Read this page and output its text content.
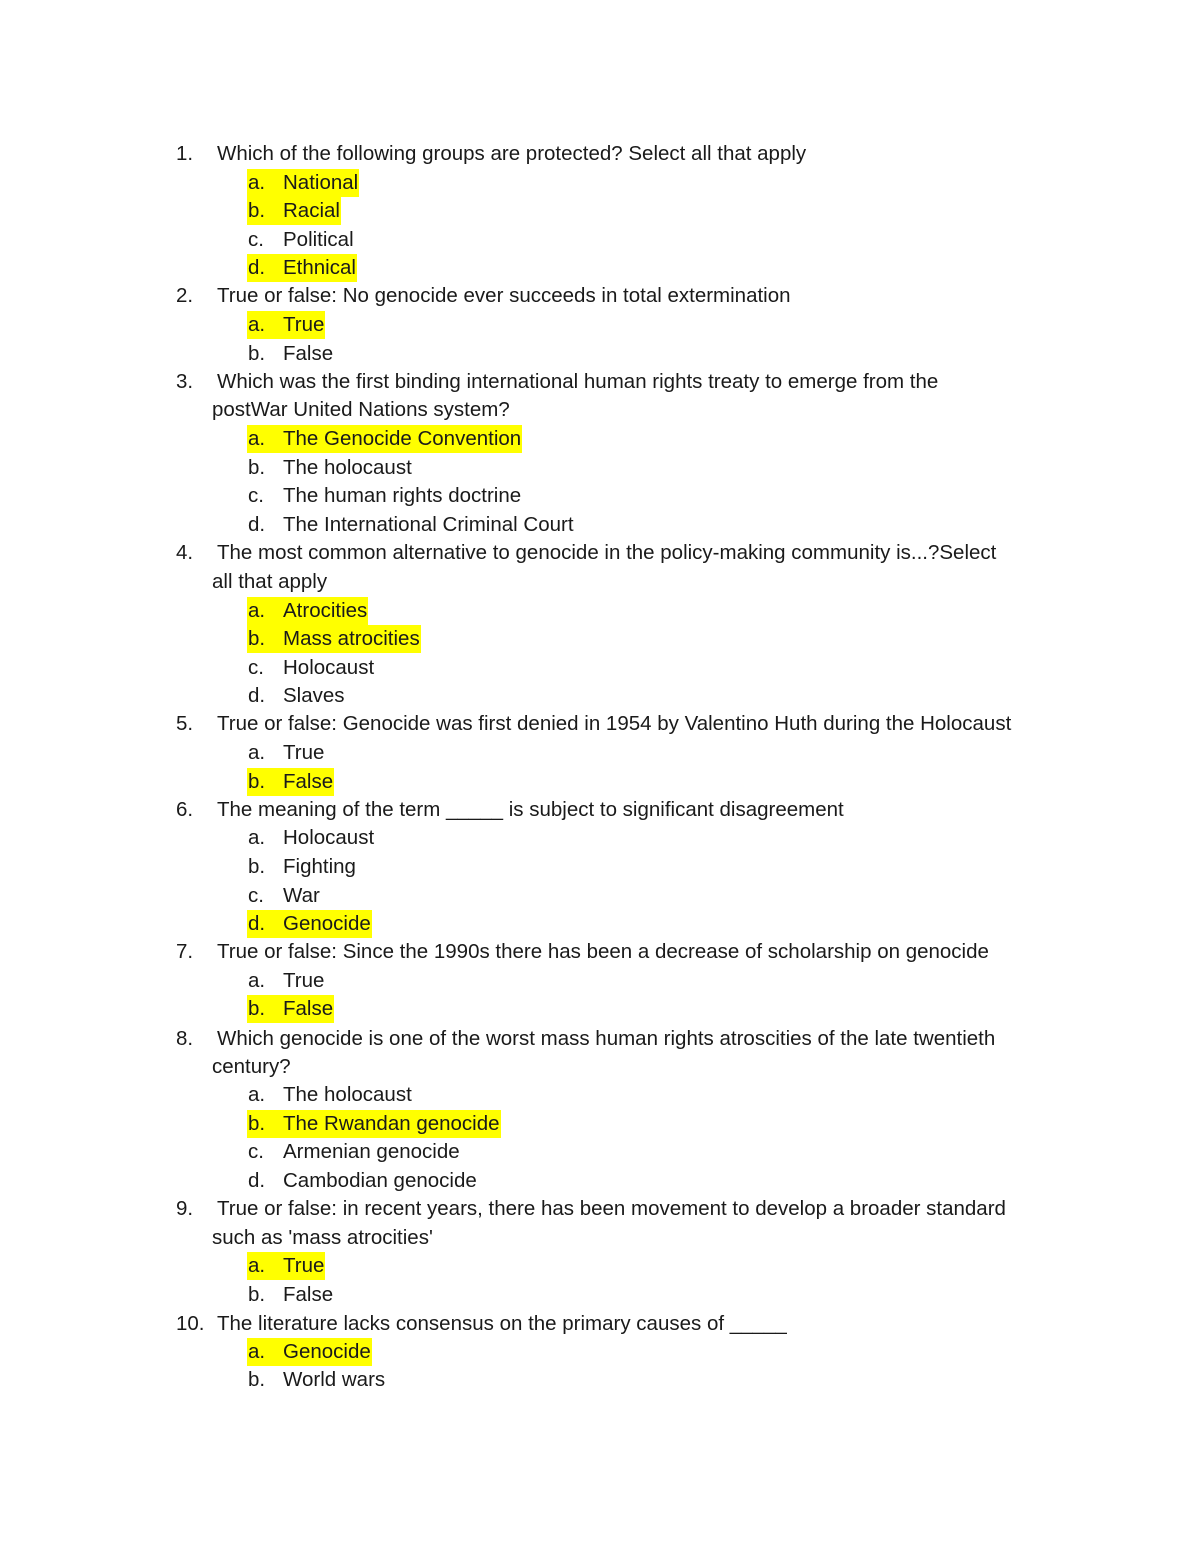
1.	Which of the following groups are protected? Select all that apply
a. National
b. Racial
c. Political
d. Ethnical
2.	True or false: No genocide ever succeeds in total extermination
a. True
b. False
3.	Which was the first binding international human rights treaty to emerge from the
postWar United Nations system?
a. The Genocide Convention
b. The holocaust
c. The human rights doctrine
d. The International Criminal Court
4.	The most common alternative to genocide in the policy-making community is...?Select
all that apply
a. Atrocities
b. Mass atrocities
c. Holocaust
d. Slaves
5.	True or false: Genocide was first denied in 1954 by Valentino Huth during the Holocaust
a. True
b. False
6.	The meaning of the term _____ is subject to significant disagreement
a. Holocaust
b. Fighting
c. War
d. Genocide
7.	True or false: Since the 1990s there has been a decrease of scholarship on genocide
a. True
b. False
8.	Which genocide is one of the worst mass human rights atroscities of the late twentieth
century?
a. The holocaust
b. The Rwandan genocide
c. Armenian genocide
d. Cambodian genocide
9.	True or false: in recent years, there has been movement to develop a broader standard
such as 'mass atrocities'
a. True
b. False
10. The literature lacks consensus on the primary causes of _____
a. Genocide
b. World wars
